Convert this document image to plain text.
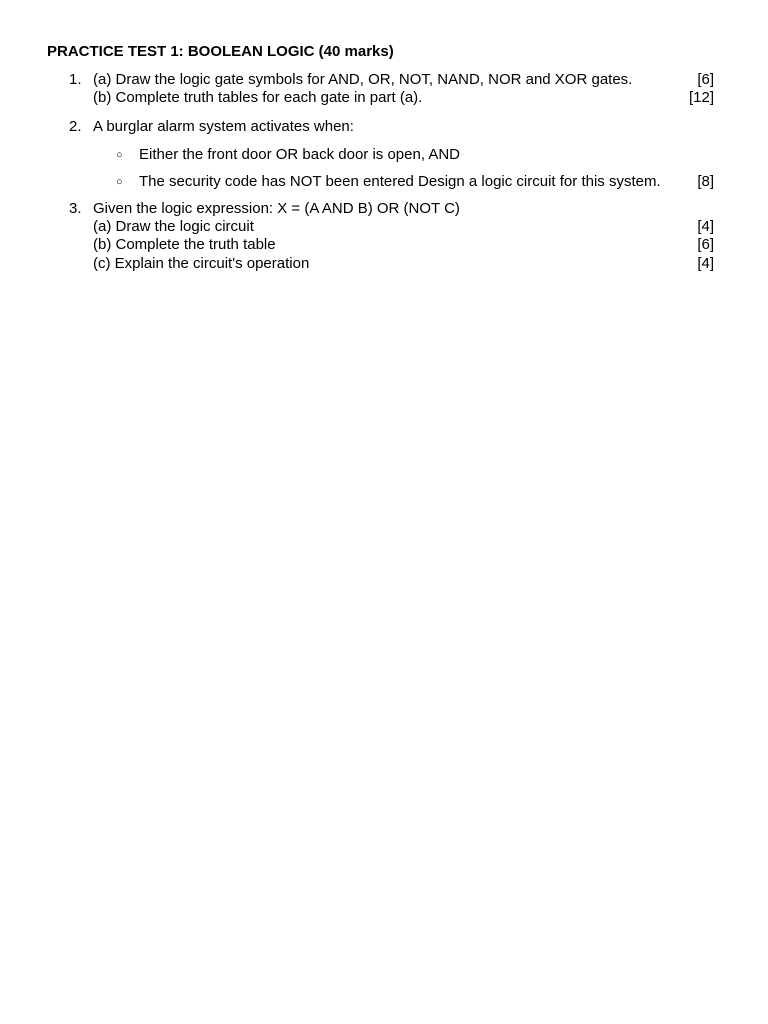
PRACTICE TEST 1: BOOLEAN LOGIC (40 marks)
1. (a) Draw the logic gate symbols for AND, OR, NOT, NAND, NOR and XOR gates.	[6]
(b) Complete truth tables for each gate in part (a).	[12]
2. A burglar alarm system activates when:
○ Either the front door OR back door is open, AND
○ The security code has NOT been entered Design a logic circuit for this system. [8]
3. Given the logic expression: X = (A AND B) OR (NOT C)
(a) Draw the logic circuit	[4]
(b) Complete the truth table	[6]
(c) Explain the circuit's operation	[4]
